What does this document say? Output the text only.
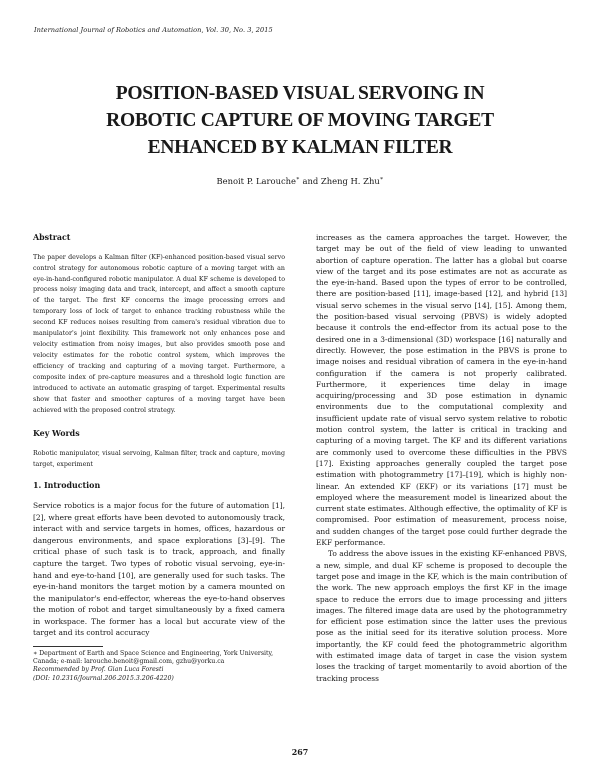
International Journal of Robotics and Automation, Vol. 30, No. 3, 2015
POSITION-BASED VISUAL SERVOING IN
ROBOTIC CAPTURE OF MOVING TARGET
ENHANCED BY KALMAN FILTER
Benoit P. Larouche∗ and Zheng H. Zhu∗
Abstract

The paper develops a Kalman filter (KF)-enhanced position-based visual servo control strategy for autonomous robotic capture of a moving target with an eye-in-hand-configured robotic manipulator. A dual KF scheme is developed to process noisy imaging data and track, intercept, and affect a smooth capture of the target. The first KF concerns the image processing errors and temporary loss of lock of target to enhance tracking robustness while the second KF reduces noises resulting from camera's residual vibration due to manipulator's joint flexibility. This framework not only enhances pose and velocity estimation from noisy images, but also provides smooth pose and velocity estimates for the robotic control system, which improves the efficiency of tracking and capturing of a moving target. Furthermore, a composite index of pre-capture measures and a threshold logic function are introduced to activate an automatic grasping of target. Experimental results show that faster and smoother captures of a moving target have been achieved with the proposed control strategy.

Key Words

Robotic manipulator, visual servoing, Kalman filter, track and capture, moving target, experiment

1. Introduction

Service robotics is a major focus for the future of automation [1], [2], where great efforts have been devoted to autonomously track, interact with and service targets in homes, offices, hazardous or dangerous environments, and space explorations [3]–[9]. The critical phase of such task is to track, approach, and finally capture the target. Two types of robotic visual servoing, eye-in-hand and eye-to-hand [10], are generally used for such tasks. The eye-in-hand monitors the target motion by a camera mounted on the manipulator's end-effector, whereas the eye-to-hand observes the motion of robot and target simultaneously by a fixed camera in workspace. The former has a local but accurate view of the target and its control accuracy

∗ Department of Earth and Space Science and Engineering, York University, Canada; e-mail: larouche.benoit@gmail.com, gzhu@yorku.ca

Recommended by Prof. Gian Luca Foresti

(DOI: 10.2316/Journal.206.2015.3.206-4220)

increases as the camera approaches the target. However, the target may be out of the field of view leading to unwanted abortion of capture operation. The latter has a global but coarse view of the target and its pose estimates are not as accurate as the eye-in-hand. Based upon the types of error to be controlled, there are position-based [11], image-based [12], and hybrid [13] visual servo schemes in the visual servo [14], [15]. Among them, the position-based visual servoing (PBVS) is widely adopted because it controls the end-effector from its actual pose to the desired one in a 3-dimensional (3D) workspace [16] naturally and directly. However, the pose estimation in the PBVS is prone to image noises and residual vibration of camera in the eye-in-hand configuration if the camera is not properly calibrated. Furthermore, it experiences time delay in image acquiring/processing and 3D pose estimation in dynamic environments due to the computational complexity and insufficient update rate of visual servo system relative to robotic motion control system, the latter is critical in tracking and capturing of a moving target. The KF and its different variations are commonly used to overcome these difficulties in the PBVS [17]. Existing approaches generally coupled the target pose estimation with photogrammetry [17]–[19], which is highly non-linear. An extended KF (EKF) or its variations [17] must be employed where the measurement model is linearized about the current state estimates. Although effective, the optimality of KF is compromised. Poor estimation of measurement, process noise, and sudden changes of the target pose could further degrade the EKF performance.

To address the above issues in the existing KF-enhanced PBVS, a new, simple, and dual KF scheme is proposed to decouple the target pose and image in the KF, which is the main contribution of the work. The new approach employs the first KF in the image space to reduce the errors due to image processing and jitters images. The filtered image data are used by the photogrammetry for efficient pose estimation since the latter uses the previous pose as the initial seed for its iterative solution process. More importantly, the KF could feed the photogrammetric algorithm with estimated image data of target in case the vision system loses the tracking of target momentarily to avoid abortion of the tracking process

267
